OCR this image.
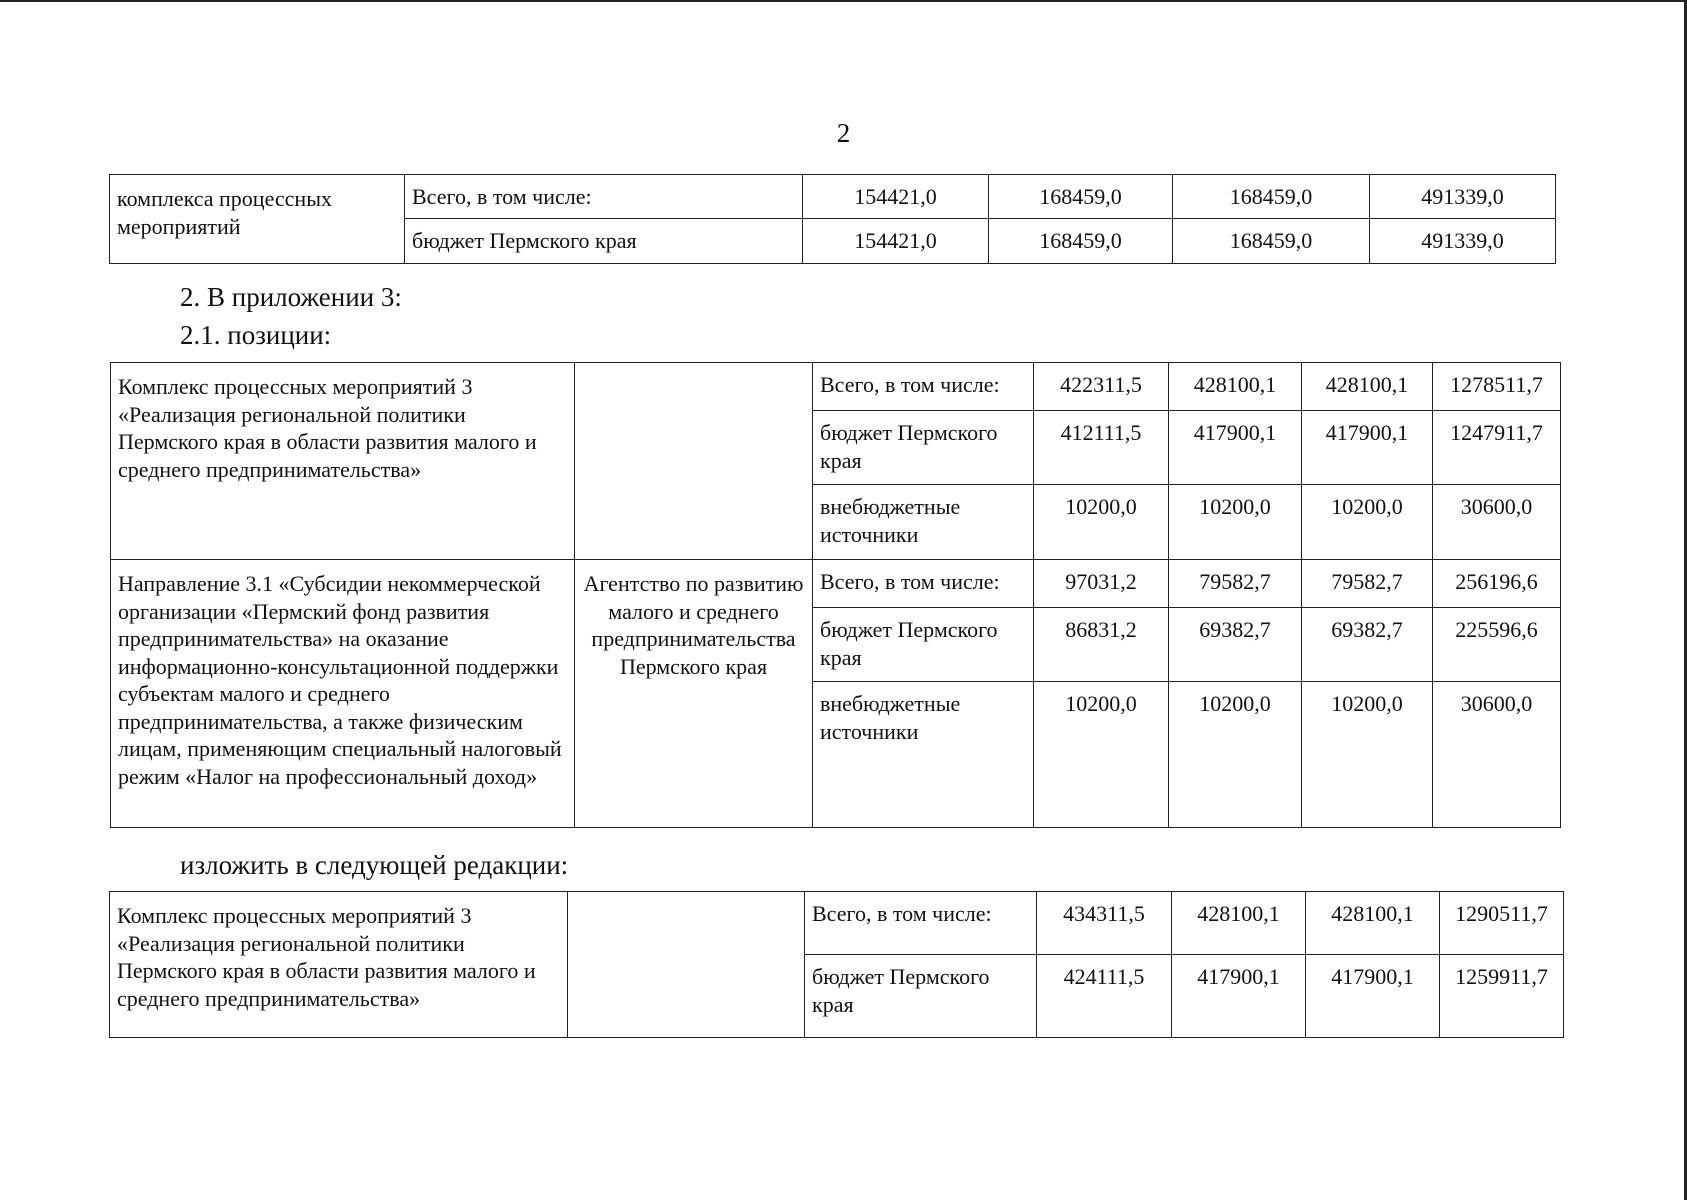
2
комплекса процессных мероприятий	Всего, в том числе:	154421,0	168459,0	168459,0	491339,0
	бюджет Пермского края	154421,0	168459,0	168459,0	491339,0
2. В приложении 3:
2.1. позиции:
Комплекс процессных мероприятий 3 «Реализация региональной политики Пермского края в области развития малого и среднего предпринимательства»		Всего, в том числе:	422311,5	428100,1	428100,1	1278511,7
		бюджет Пермского края	412111,5	417900,1	417900,1	1247911,7
		внебюджетные источники	10200,0	10200,0	10200,0	30600,0
Направление 3.1 «Субсидии некоммерческой организации «Пермский фонд развития предпринимательства» на оказание информационно-консультационной поддержки субъектам малого и среднего предпринимательства, а также физическим лицам, применяющим специальный налоговый режим «Налог на профессиональный доход»	Агентство по развитию малого и среднего предпринимательства Пермского края	Всего, в том числе:	97031,2	79582,7	79582,7	256196,6
		бюджет Пермского края	86831,2	69382,7	69382,7	225596,6
		внебюджетные источники	10200,0	10200,0	10200,0	30600,0
изложить в следующей редакции:
Комплекс процессных мероприятий 3 «Реализация региональной политики Пермского края в области развития малого и среднего предпринимательства»		Всего, в том числе:	434311,5	428100,1	428100,1	1290511,7
		бюджет Пермского края	424111,5	417900,1	417900,1	1259911,7
